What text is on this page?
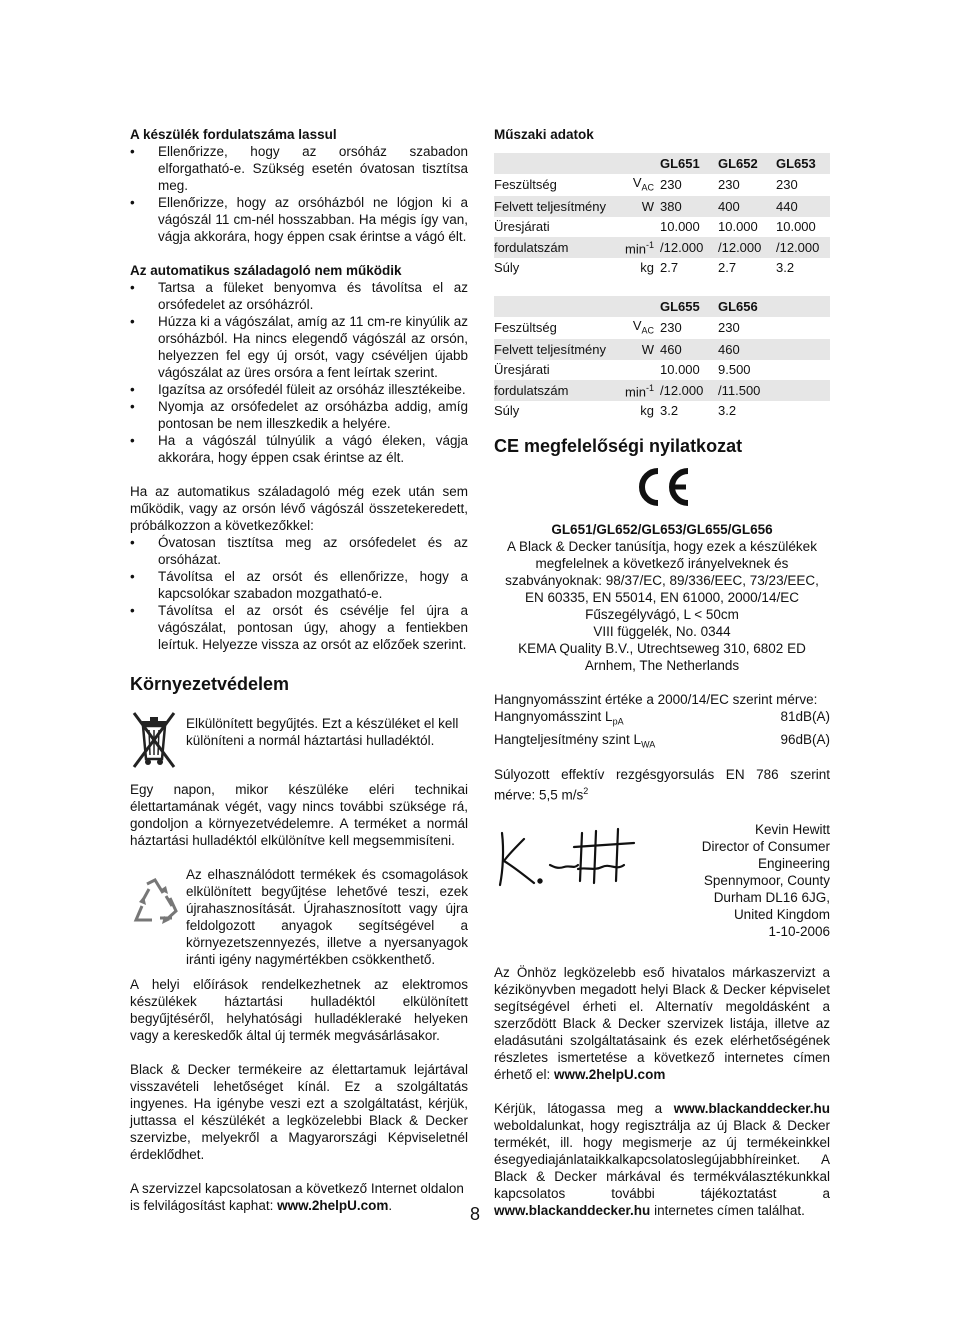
A készülék fordulatszáma lassul

• Ellenőrizze, hogy az orsóház szabadon elforgatható-e. Szükség esetén óvatosan tisztítsa meg.
• Ellenőrizze, hogy az orsóházból ne lógjon ki a vágószál 11 cm-nél hosszabban. Ha mégis így van, vágja akkorára, hogy éppen csak érintse a vágó élt.

Az automatikus száladagoló nem működik

• Tartsa a füleket benyomva és távolítsa el az orsófedelet az orsóházról.
• Húzza ki a vágószálat, amíg az 11 cm-re kinyúlik az orsóházból. Ha nincs elegendő vágószál az orsón, helyezzen fel egy új orsót, vagy csévéljen újabb vágószálat az üres orsóra a fent leírtak szerint.
• Igazítsa az orsófedél füleit az orsóház illesztékeibe.
• Nyomja az orsófedelet az orsóházba addig, amíg pontosan be nem illeszkedik a helyére.
• Ha a vágószál túlnyúlik a vágó éleken, vágja akkorára, hogy éppen csak érintse az élt.

Ha az automatikus száladagoló még ezek után sem működik, vagy az orsón lévő vágószál összetekeredett, próbálkozzon a következőkkel:

• Óvatosan tisztítsa meg az orsófedelet és az orsóházat.
• Távolítsa el az orsót és ellenőrizze, hogy a kapcsolókar szabadon mozgatható-e.
• Távolítsa el az orsót és csévélje fel újra a vágószálat, pontosan úgy, ahogy a fentiekben leírtuk. Helyezze vissza az orsót az előzőek szerint.

Környezetvédelem

Elkülönített begyűjtés. Ezt a készüléket el kell különíteni a normál háztartási hulladéktól.

Egy napon, mikor készüléke eléri technikai élettartamának végét, vagy nincs további szüksége rá, gondoljon a környezetvédelemre. A terméket a normál háztartási hulladéktól elkülönítve kell megsemmisíteni.

Az elhasználódott termékek és csomagolások elkülönített begyűjtése lehetővé teszi, ezek újrahasznosítását. Újrahasznosított vagy újra feldolgozott anyagok segítségével a környezetszennyezés, illetve a nyersanyagok iránti igény nagymértékben csökkenthető.

A helyi előírások rendelkezhetnek az elektromos készülékek háztartási hulladéktól elkülönített begyűjtéséről, helyhatósági hulladékleraké helyeken vagy a kereskedők által új termék megvásárlásakor.

Black & Decker termékeire az élettartamuk lejártával visszavételi lehetőséget kínál. Ez a szolgáltatás ingyenes. Ha igénybe veszi ezt a szolgáltatást, kérjük, juttassa el készülékét a legközelebbi Black & Decker szervizbe, melyekről a Magyarországi Képviseletnél érdeklődhet.

A szervizzel kapcsolatosan a következő Internet oldalon is felvilágosítást kaphat: www.2helpU.com.

Műszaki adatok

		GL651	GL652	GL653
Feszültség	$V_{AC}$	230	230	230
Felvett teljesítmény	W	380	400	440
Üresjárati		10.000	10.000	10.000
fordulatszám	$\min^{-1}$	/12.000	/12.000	/12.000
Súly	kg	2.7	2.7	3.2
		GL655	GL656	
Feszültség	$V_{AC}$	230	230	
Felvett teljesítmény	W	460	460	
Üresjárati		10.000	9.500	
fordulatszám	$\min^{-1}$	/12.000	/11.500	
Súly	kg	3.2	3.2	

CE megfelelőségi nyilatkozat

GL651/GL652/GL653/GL655/GL656

A Black & Decker tanúsítja, hogy ezek a készülékek

megfelelnek a következő irányelveknek és

szabványoknak: 98/37/EC, 89/336/EEC, 73/23/EEC,

EN 60335, EN 55014, EN 61000, 2000/14/EC

Fűszegélyvágó, L < 50cm

VIII függelék, No. 0344

KEMA Quality B.V., Utrechtseweg 310, 6802 ED

Arnhem, The Netherlands

Hangnyomásszint értéke a 2000/14/EC szerint mérve:

Hangnyomásszint $L_{pA}$	81dB(A)
Hangteljesítmény szint $L_{WA}$	96dB(A)

Súlyozott effektív rezgésgyorsulás EN 786 szerint mérve: 5,5 $m/s^2$

Kevin Hewitt

Director of Consumer

Engineering

Spennymoor, County

Durham DL16 6JG,

United Kingdom

1-10-2006

Az Önhöz legközelebb eső hivatalos márkaszervizt a kézikönyvben megadott helyi Black & Decker képviselet segítségével érheti el. Alternatív megoldásként a szerződött Black & Decker szervizek listája, illetve az eladásutáni szolgáltatásaink és ezek elérhetőségének részletes ismertetése a következő internetes címen érhető el: www.2helpU.com

Kérjük, látogassa meg a www.blackanddecker.hu weboldalunkat, hogy regisztrálja az új Black & Decker termékét, ill. hogy megismerje az új termékeinkkel ésegyediajánlataikkalkapcsolatoslegújabbhíreinket. A Black & Decker márkával és termékválasztékunkkal kapcsolatos további tájékoztatást a www.blackanddecker.hu internetes címen találhat.

8
